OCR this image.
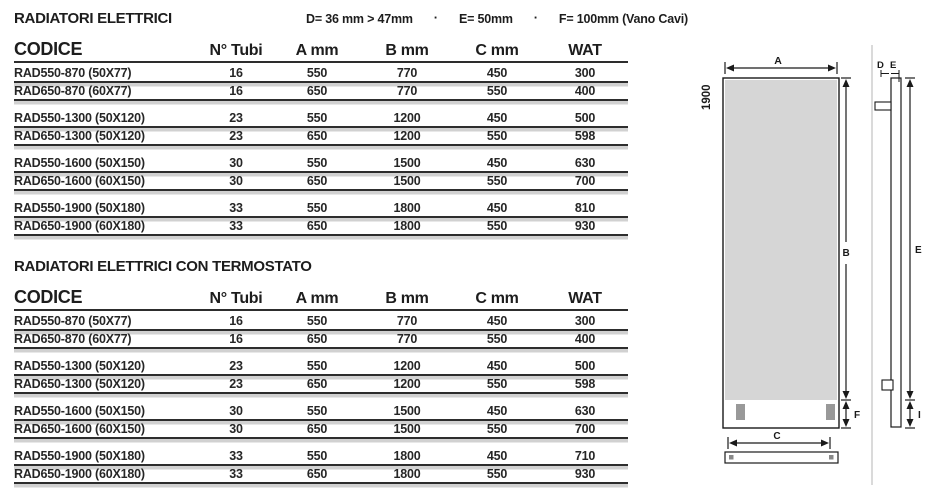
RADIATORI ELETTRICI	D= 36 mm > 47mm · E= 50mm · F= 100mm (Vano Cavi)
CODICE	N° Tubi	A mm	B mm	C mm	WAT
RAD550-870 (50X77)	16	550	770	450	300
RAD650-870 (60X77)	16	650	770	550	400
RAD550-1300 (50X120)	23	550	1200	450	500
RAD650-1300 (50X120)	23	650	1200	550	598
RAD550-1600 (50X150)	30	550	1500	450	630
RAD650-1600 (60X150)	30	650	1500	550	700
RAD550-1900 (50X180)	33	550	1800	450	810
RAD650-1900 (60X180)	33	650	1800	550	930
RADIATORI ELETTRICI CON TERMOSTATO
CODICE	N° Tubi	A mm	B mm	C mm	WAT
RAD550-870 (50X77)	16	550	770	450	300
RAD650-870 (60X77)	16	650	770	550	400
RAD550-1300 (50X120)	23	550	1200	450	500
RAD650-1300 (50X120)	23	650	1200	550	598
RAD550-1600 (50X150)	30	550	1500	450	630
RAD650-1600 (60X150)	30	650	1500	550	700
RAD550-1900 (50X180)	33	550	1800	450	710
RAD650-1900 (60X180)	33	650	1800	550	930
1900
A
B
F
C
D E
E
I
